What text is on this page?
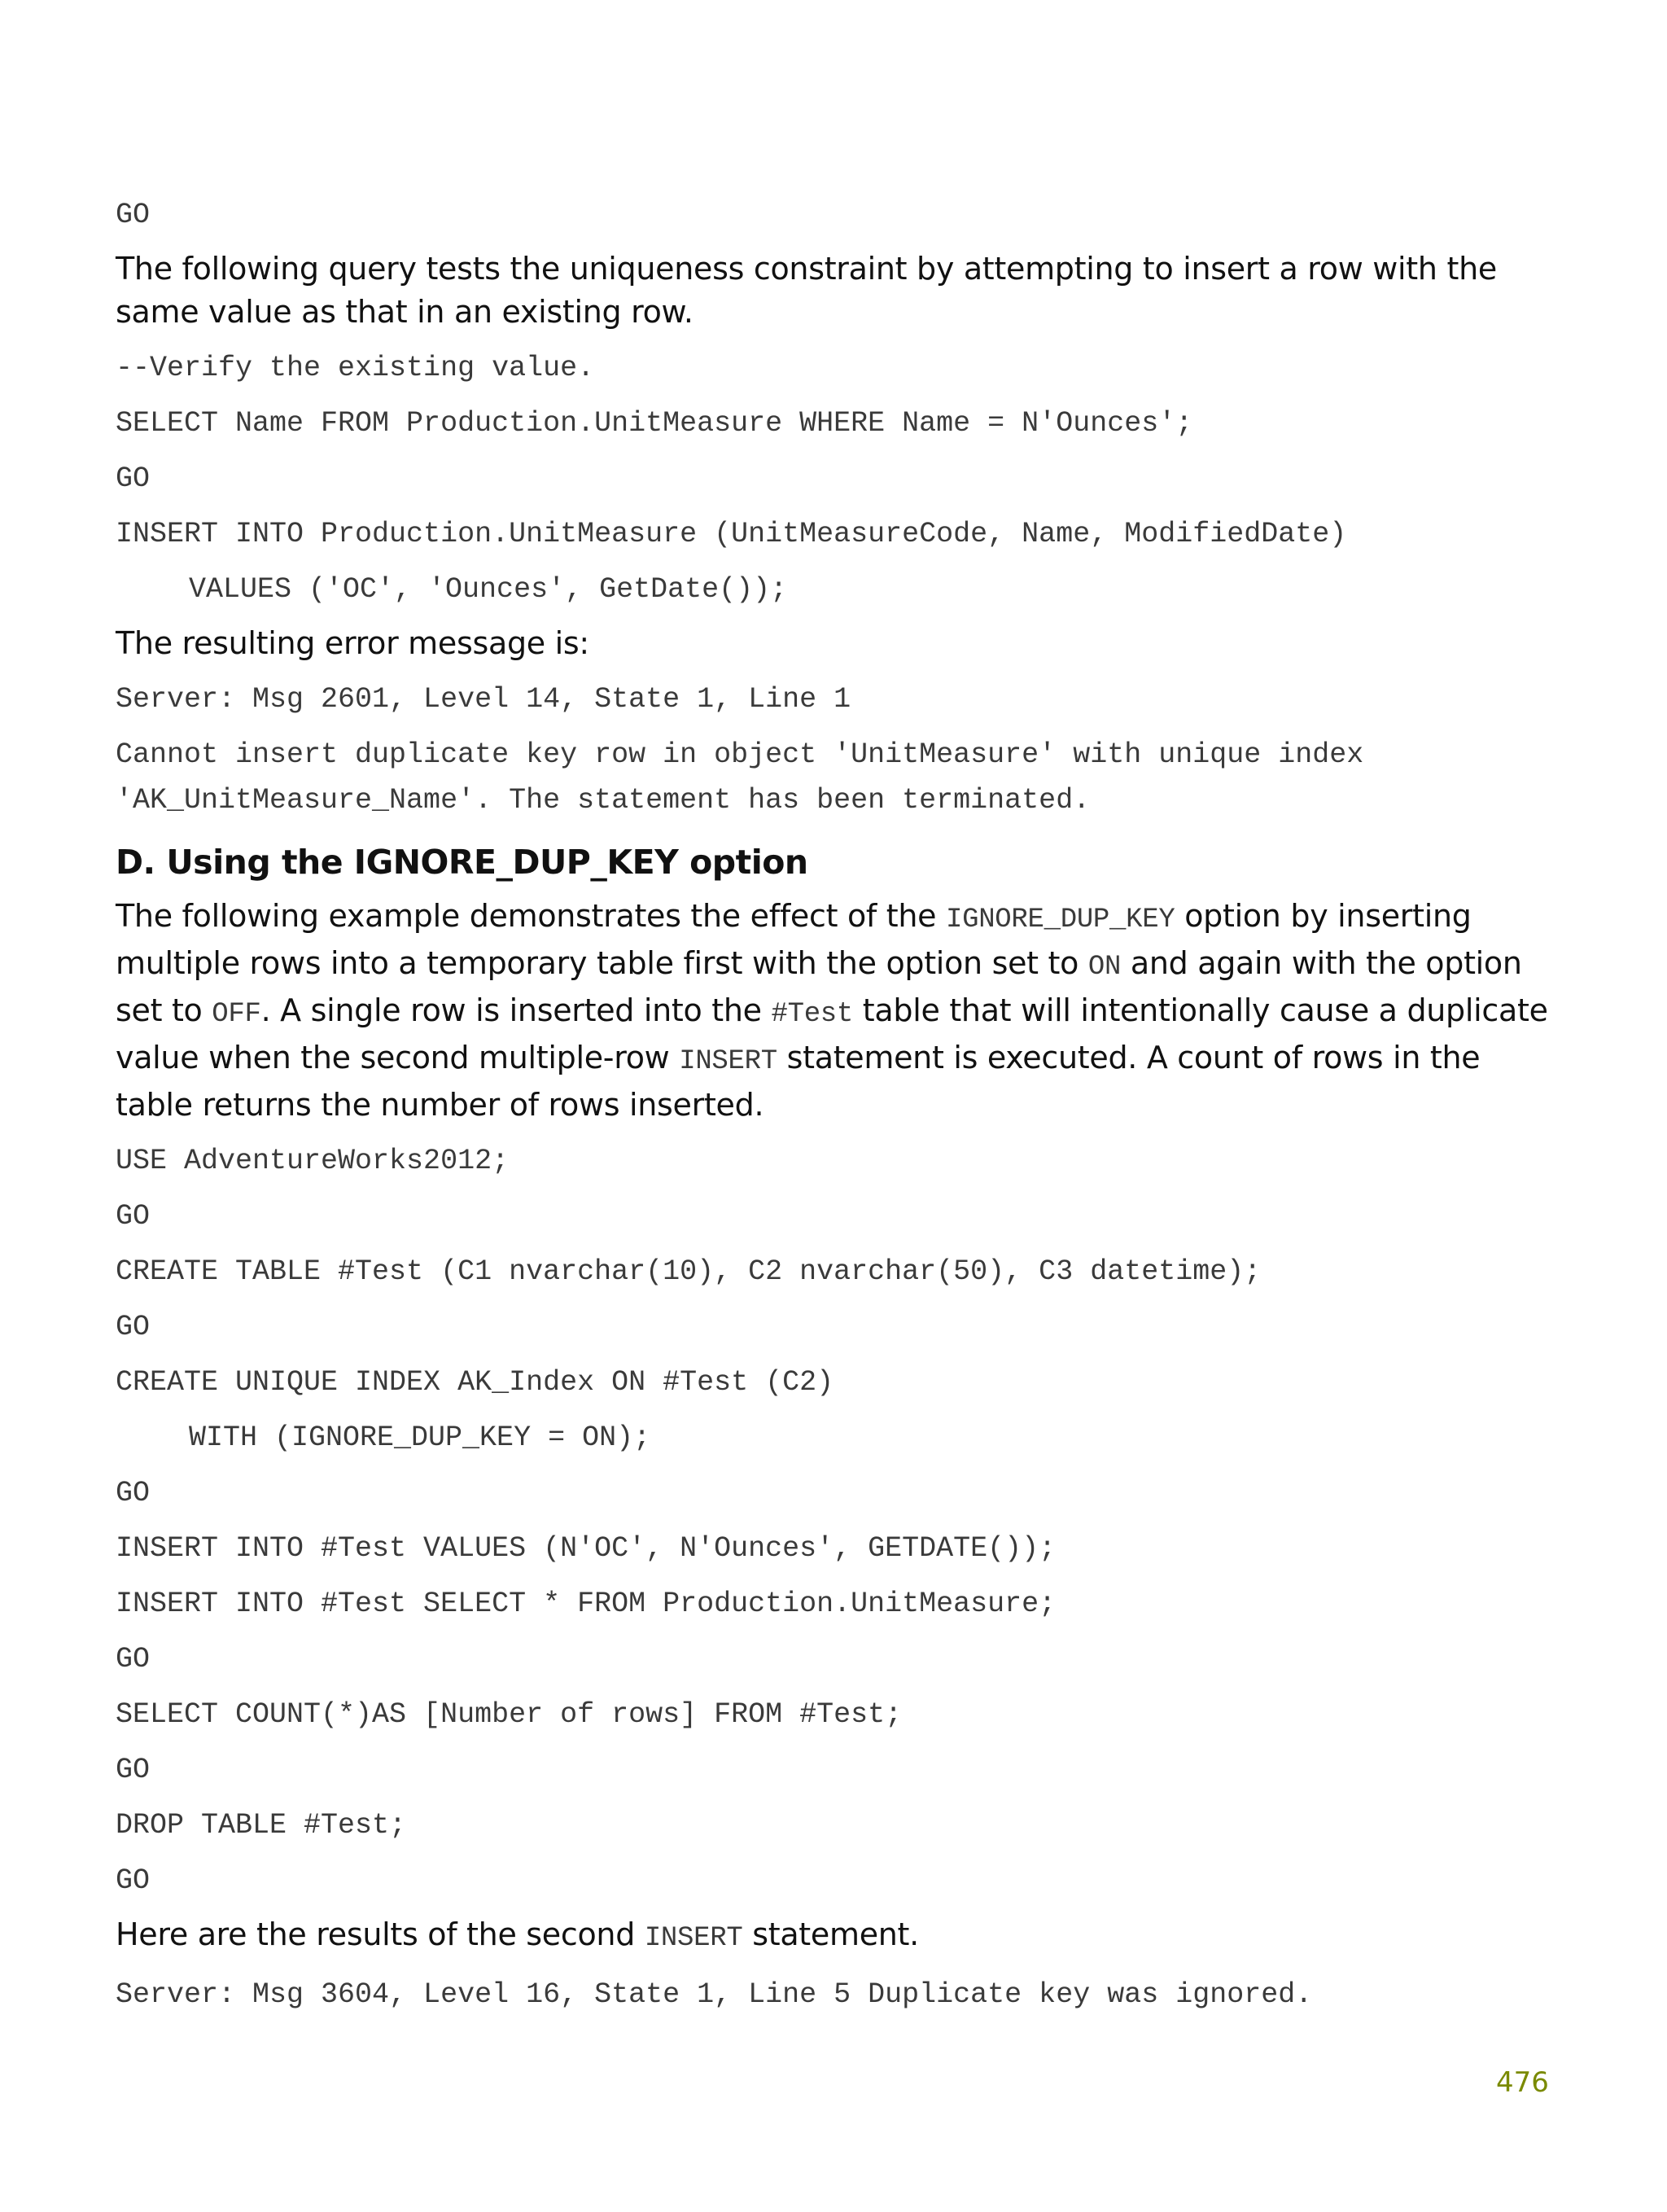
GO

The following query tests the uniqueness constraint by attempting to insert a row with the same value as that in an existing row.

--Verify the existing value.
SELECT Name FROM Production.UnitMeasure WHERE Name = N'Ounces';
GO
INSERT INTO Production.UnitMeasure (UnitMeasureCode, Name, ModifiedDate)
VALUES ('OC', 'Ounces', GetDate());

The resulting error message is:

Server: Msg 2601, Level 14, State 1, Line 1
Cannot insert duplicate key row in object 'UnitMeasure' with unique index 'AK_UnitMeasure_Name'. The statement has been terminated.
D. Using the IGNORE_DUP_KEY option

The following example demonstrates the effect of the IGNORE_DUP_KEY option by inserting multiple rows into a temporary table first with the option set to ON and again with the option set to OFF. A single row is inserted into the #Test table that will intentionally cause a duplicate value when the second multiple-row INSERT statement is executed. A count of rows in the table returns the number of rows inserted.

USE AdventureWorks2012;
GO
CREATE TABLE #Test (C1 nvarchar(10), C2 nvarchar(50), C3 datetime);
GO
CREATE UNIQUE INDEX AK_Index ON #Test (C2)
WITH (IGNORE_DUP_KEY = ON);
GO
INSERT INTO #Test VALUES (N'OC', N'Ounces', GETDATE());
INSERT INTO #Test SELECT * FROM Production.UnitMeasure;
GO
SELECT COUNT(*)AS [Number of rows] FROM #Test;
GO
DROP TABLE #Test;
GO

Here are the results of the second INSERT statement.

Server: Msg 3604, Level 16, State 1, Line 5 Duplicate key was ignored.
476
